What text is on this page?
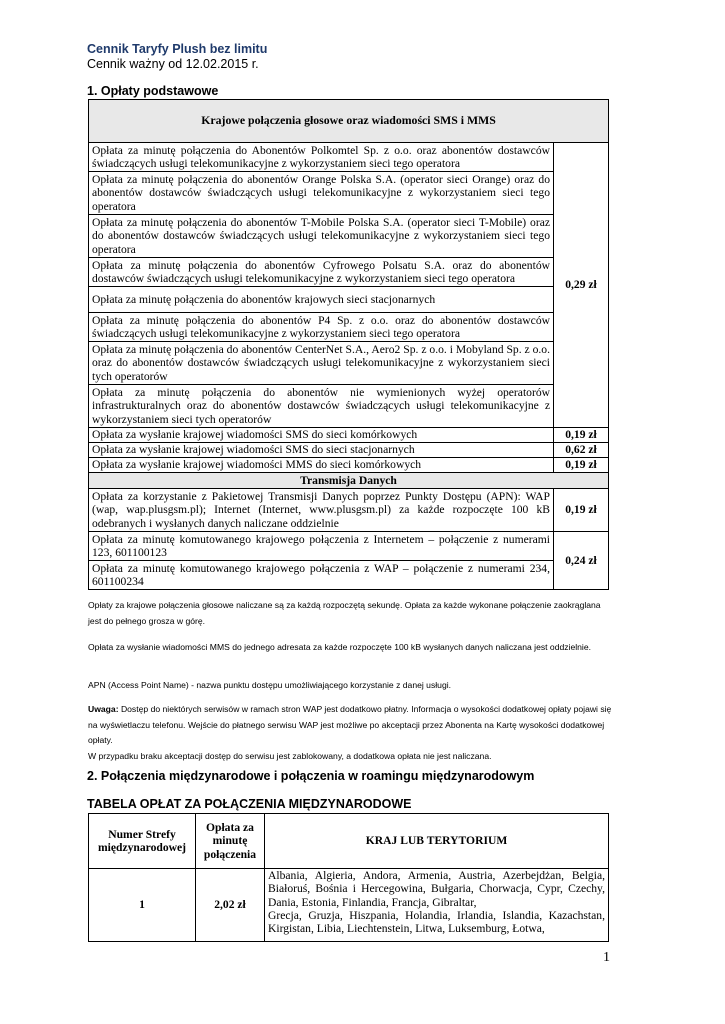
Cennik Taryfy Plush bez limitu
Cennik ważny od 12.02.2015 r.
1. Opłaty podstawowe
Krajowe połączenia głosowe oraz wiadomości SMS i MMS	
Opłata za minutę połączenia do Abonentów Polkomtel Sp. z o.o. oraz abonentów dostawców świadczących usługi telekomunikacyjne z wykorzystaniem sieci tego operatora	0,29 zł
Opłata za minutę połączenia do abonentów Orange Polska S.A. (operator sieci Orange) oraz do abonentów dostawców świadczących usługi telekomunikacyjne z wykorzystaniem sieci tego operatora	
Opłata za minutę połączenia do abonentów T-Mobile Polska S.A. (operator sieci T-Mobile) oraz do abonentów dostawców świadczących usługi telekomunikacyjne z wykorzystaniem sieci tego operatora	
Opłata za minutę połączenia do abonentów Cyfrowego Polsatu S.A. oraz do abonentów dostawców świadczących usługi telekomunikacyjne z wykorzystaniem sieci tego operatora	
Opłata za minutę połączenia do abonentów krajowych sieci stacjonarnych	
Opłata za minutę połączenia do abonentów P4 Sp. z o.o. oraz do abonentów dostawców świadczących usługi telekomunikacyjne z wykorzystaniem sieci tego operatora	
Opłata za minutę połączenia do abonentów CenterNet S.A., Aero2 Sp. z o.o. i Mobyland Sp. z o.o. oraz do abonentów dostawców świadczących usługi telekomunikacyjne z wykorzystaniem sieci tych operatorów	
Opłata za minutę połączenia do abonentów nie wymienionych wyżej operatorów infrastrukturalnych oraz do abonentów dostawców świadczących usługi telekomunikacyjne z wykorzystaniem sieci tych operatorów	
Opłata za wysłanie krajowej wiadomości SMS do sieci komórkowych	0,19 zł
Opłata za wysłanie krajowej wiadomości SMS do sieci stacjonarnych	0,62 zł
Opłata za wysłanie krajowej wiadomości MMS do sieci komórkowych	0,19 zł
Transmisja Danych	
Opłata za korzystanie z Pakietowej Transmisji Danych poprzez Punkty Dostępu (APN): WAP (wap, wap.plusgsm.pl); Internet (Internet, www.plusgsm.pl) za każde rozpoczęte 100 kB odebranych i wysłanych danych naliczane oddzielnie	0,19 zł
Opłata za minutę komutowanego krajowego połączenia z Internetem – połączenie z numerami 123, 601100123	0,24 zł
Opłata za minutę komutowanego krajowego połączenia z WAP – połączenie z numerami 234, 601100234	
Opłaty za krajowe połączenia głosowe naliczane są za każdą rozpoczętą sekundę. Opłata za każde wykonane połączenie zaokrąglana jest do pełnego grosza w górę.
Opłata za wysłanie wiadomości MMS do jednego adresata za każde rozpoczęte 100 kB wysłanych danych naliczana jest oddzielnie.
APN (Access Point Name) - nazwa punktu dostępu umożliwiającego korzystanie z danej usługi.
Uwaga: Dostęp do niektórych serwisów w ramach stron WAP jest dodatkowo płatny. Informacja o wysokości dodatkowej opłaty pojawi się na wyświetlaczu telefonu. Wejście do płatnego serwisu WAP jest możliwe po akceptacji przez Abonenta na Kartę wysokości dodatkowej opłaty.
W przypadku braku akceptacji dostęp do serwisu jest zablokowany, a dodatkowa opłata nie jest naliczana.
2. Połączenia międzynarodowe i połączenia w roamingu międzynarodowym
TABELA OPŁAT ZA POŁĄCZENIA MIĘDZYNARODOWE
Numer Strefy międzynarodowej	Opłata za minutę połączenia	KRAJ LUB TERYTORIUM
1	2,02 zł	Albania, Algieria, Andora, Armenia, Austria, Azerbejdżan, Belgia, Białoruś, Bośnia i Hercegowina, Bułgaria, Chorwacja, Cypr, Czechy, Dania, Estonia, Finlandia, Francja, Gibraltar,
Grecja, Gruzja, Hiszpania, Holandia, Irlandia, Islandia, Kazachstan, Kirgistan, Libia, Liechtenstein, Litwa, Luksemburg, Łotwa,
1
